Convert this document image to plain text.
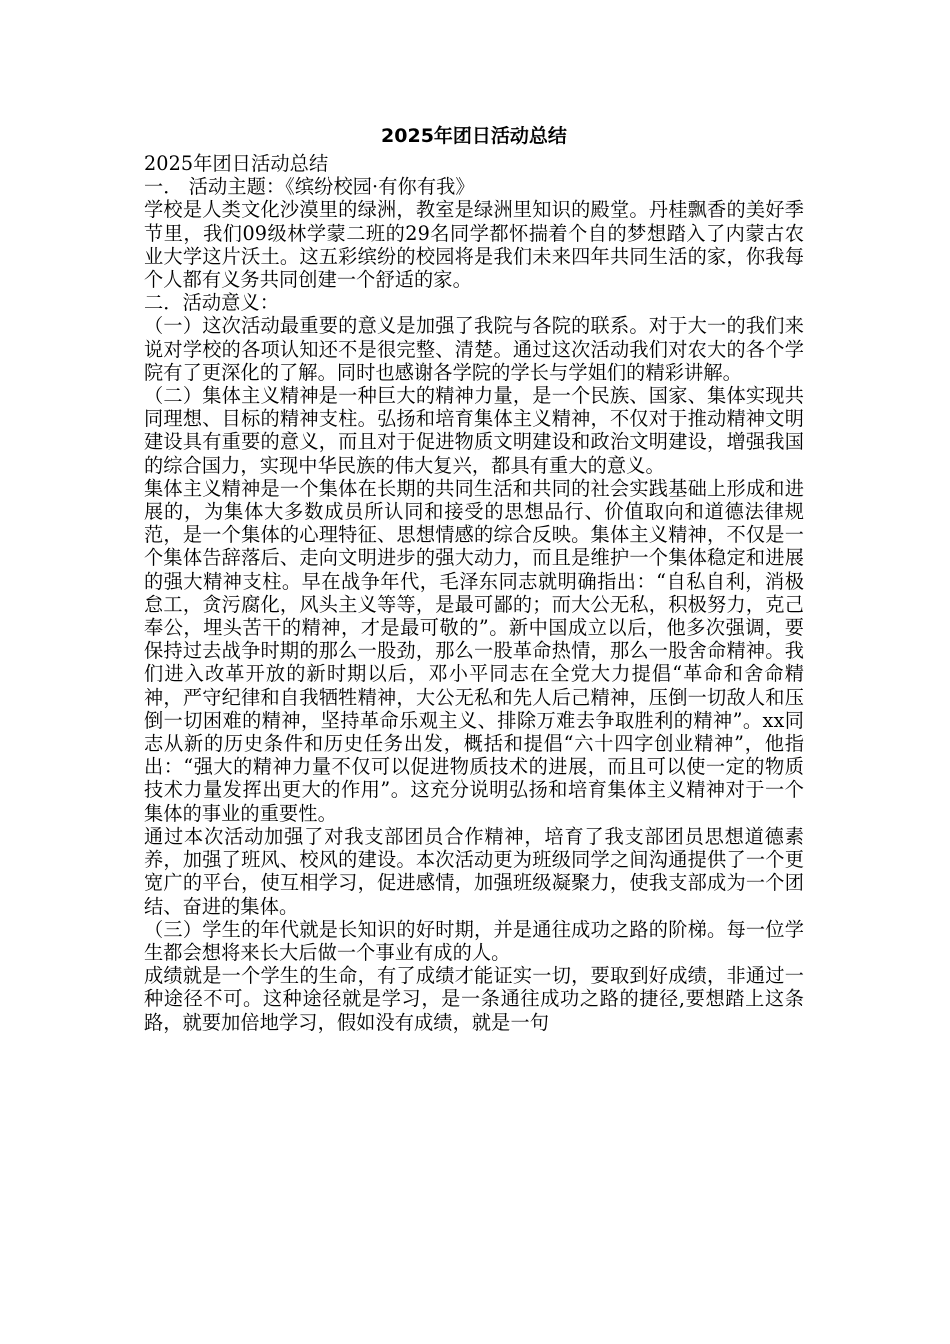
2025年团日活动总结

2025年团日活动总结

一． 活动主题：《缤纷校园·有你有我》

学校是人类文化沙漠里的绿洲，教室是绿洲里知识的殿堂。丹桂飘香的美好季节里，我们09级林学蒙二班的29名同学都怀揣着个自的梦想踏入了内蒙古农业大学这片沃土。这五彩缤纷的校园将是我们未来四年共同生活的家，你我每个人都有义务共同创建一个舒适的家。

二．活动意义：

（一）这次活动最重要的意义是加强了我院与各院的联系。对于大一的我们来说对学校的各项认知还不是很完整、清楚。通过这次活动我们对农大的各个学院有了更深化的了解。同时也感谢各学院的学长与学姐们的精彩讲解。

（二）集体主义精神是一种巨大的精神力量，是一个民族、国家、集体实现共同理想、目标的精神支柱。弘扬和培育集体主义精神，不仅对于推动精神文明建设具有重要的意义，而且对于促进物质文明建设和政治文明建设，增强我国的综合国力，实现中华民族的伟大复兴，都具有重大的意义。

集体主义精神是一个集体在长期的共同生活和共同的社会实践基础上形成和进展的，为集体大多数成员所认同和接受的思想品行、价值取向和道德法律规范，是一个集体的心理特征、思想情感的综合反映。集体主义精神，不仅是一个集体告辞落后、走向文明进步的强大动力，而且是维护一个集体稳定和进展的强大精神支柱。早在战争年代，毛泽东同志就明确指出：“自私自利，消极怠工，贪污腐化，风头主义等等，是最可鄙的；而大公无私，积极努力，克己奉公，埋头苦干的精神，才是最可敬的”。新中国成立以后，他多次强调，要保持过去战争时期的那么一股劲，那么一股革命热情，那么一股舍命精神。我们进入改革开放的新时期以后，邓小平同志在全党大力提倡“革命和舍命精神，严守纪律和自我牺牲精神，大公无私和先人后己精神，压倒一切敌人和压倒一切困难的精神，坚持革命乐观主义、排除万难去争取胜利的精神”。xx同志从新的历史条件和历史任务出发，概括和提倡“六十四字创业精神”，他指出：“强大的精神力量不仅可以促进物质技术的进展，而且可以使一定的物质技术力量发挥出更大的作用”。这充分说明弘扬和培育集体主义精神对于一个集体的事业的重要性。

通过本次活动加强了对我支部团员合作精神，培育了我支部团员思想道德素养，加强了班风、校风的建设。本次活动更为班级同学之间沟通提供了一个更宽广的平台，使互相学习，促进感情，加强班级凝聚力，使我支部成为一个团结、奋进的集体。

（三）学生的年代就是长知识的好时期，并是通往成功之路的阶梯。每一位学生都会想将来长大后做一个事业有成的人。

成绩就是一个学生的生命，有了成绩才能证实一切，要取到好成绩，非通过一种途径不可。这种途径就是学习，是一条通往成功之路的捷径,要想踏上这条路，就要加倍地学习，假如没有成绩，就是一句
